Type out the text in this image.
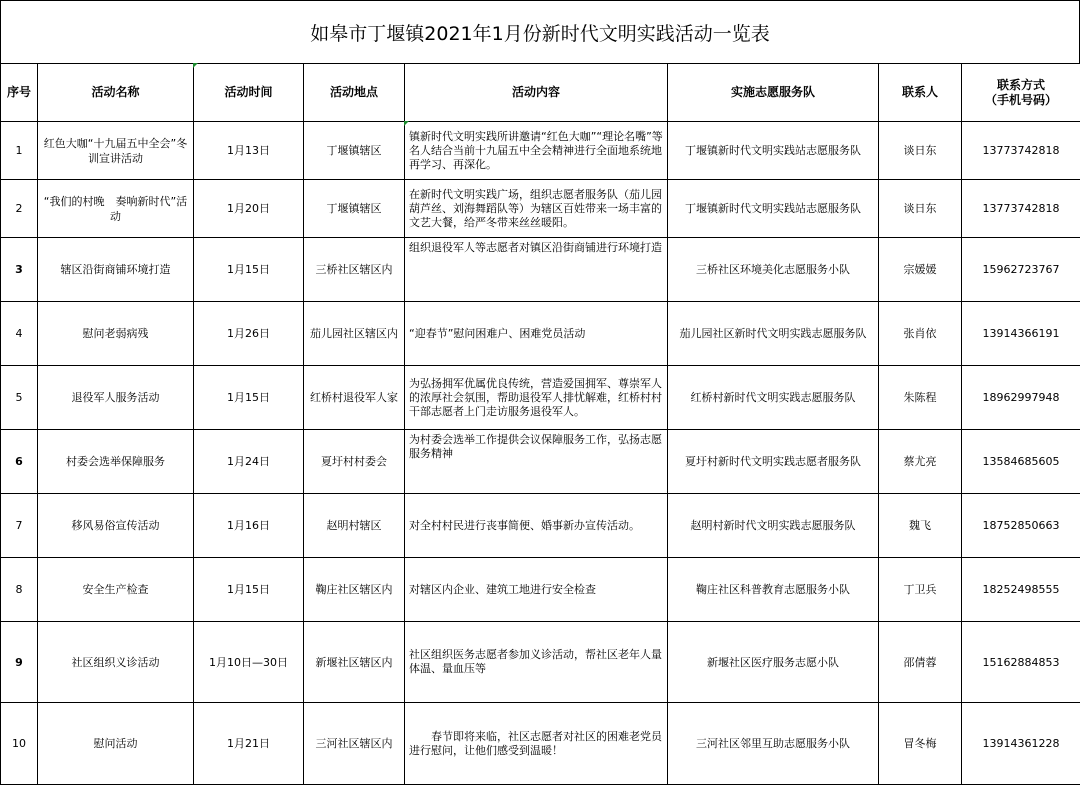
如皋市丁堰镇2021年1月份新时代文明实践活动一览表
序号	活动名称	活动时间	活动地点	活动内容	实施志愿服务队	联系人	联系方式
（手机号码）
1	红色大咖“十九届五中全会”冬训宣讲活动	1月13日	丁堰镇辖区	镇新时代文明实践所讲邀请“红色大咖”“理论名嘴”等名人结合当前十九届五中全会精神进行全面地系统地再学习、再深化。	丁堰镇新时代文明实践站志愿服务队	谈日东	13773742818
2	“我们的村晚　奏响新时代”活动	1月20日	丁堰镇辖区	在新时代文明实践广场，组织志愿者服务队（茄儿园葫芦丝、刘海舞蹈队等）为辖区百姓带来一场丰富的文艺大餐，给严冬带来丝丝暖阳。	丁堰镇新时代文明实践站志愿服务队	谈日东	13773742818
3	辖区沿街商铺环境打造	1月15日	三桥社区辖区内	组织退役军人等志愿者对镇区沿街商铺进行环境打造	三桥社区环境美化志愿服务小队	宗媛媛	15962723767
4	慰问老弱病残	1月26日	茄儿园社区辖区内	“迎春节”慰问困难户、困难党员活动	茄儿园社区新时代文明实践志愿服务队	张肖依	13914366191
5	退役军人服务活动	1月15日	红桥村退役军人家	为弘扬拥军优属优良传统，营造爱国拥军、尊崇军人的浓厚社会氛围，帮助退役军人排忧解难，红桥村村干部志愿者上门走访服务退役军人。	红桥村新时代文明实践志愿服务队	朱陈程	18962997948
6	村委会选举保障服务	1月24日	夏圩村村委会	为村委会选举工作提供会议保障服务工作，弘扬志愿服务精神	夏圩村新时代文明实践志愿者服务队	蔡尤亮	13584685605
7	移风易俗宣传活动	1月16日	赵明村辖区	对全村村民进行丧事简便、婚事新办宣传活动。	赵明村新时代文明实践志愿服务队	魏飞	18752850663
8	安全生产检查	1月15日	鞠庄社区辖区内	对辖区内企业、建筑工地进行安全检查	鞠庄社区科普教育志愿服务小队	丁卫兵	18252498555
9	社区组织义诊活动	1月10日—30日	新堰社区辖区内	社区组织医务志愿者参加义诊活动，帮社区老年人量体温、量血压等	新堰社区医疗服务志愿小队	邵倩蓉	15162884853
10	慰问活动	1月21日	三河社区辖区内	　　春节即将来临，社区志愿者对社区的困难老党员进行慰问，让他们感受到温暖！	三河社区邻里互助志愿服务小队	冒冬梅	13914361228
